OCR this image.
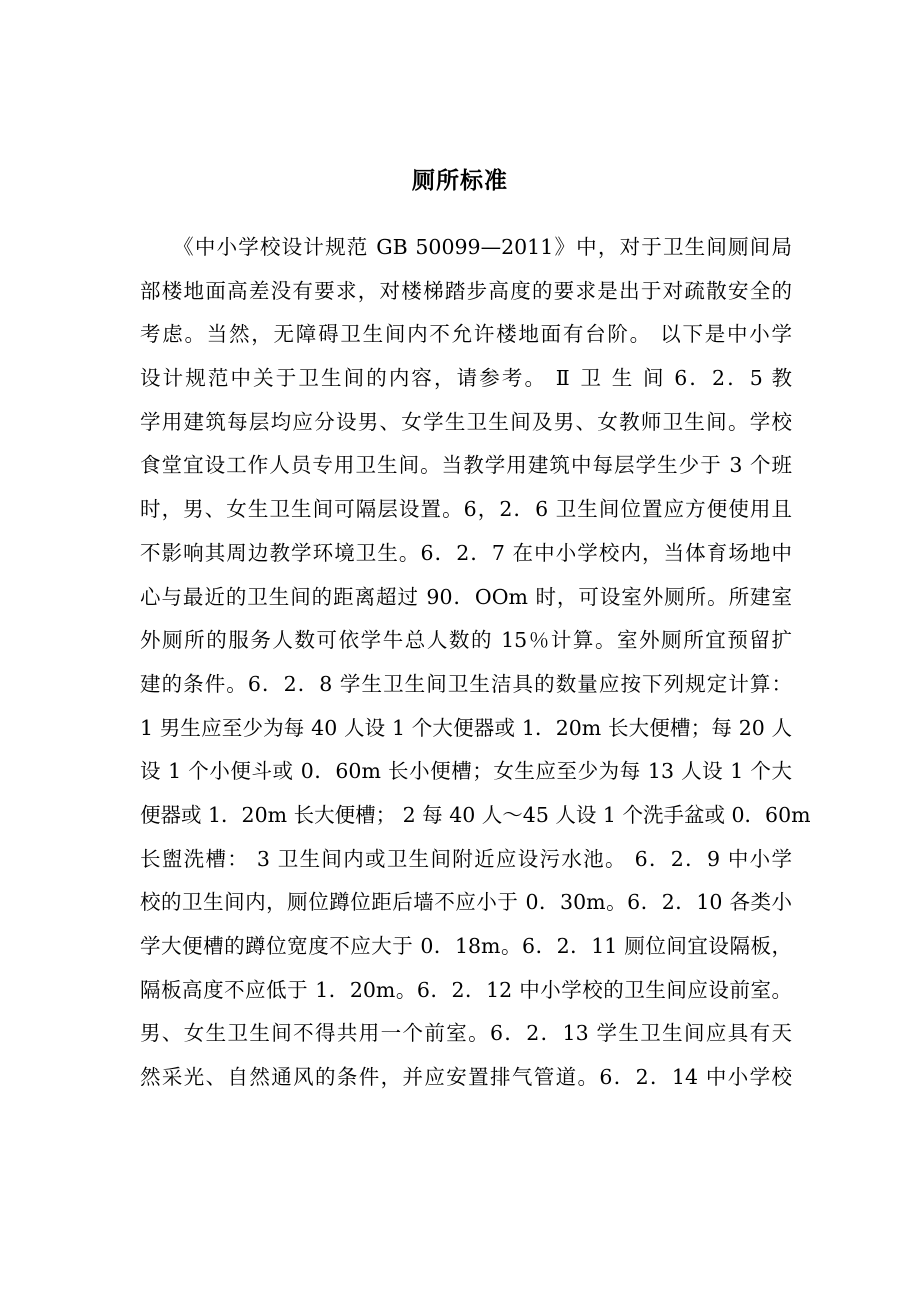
厕所标准
　　《中小学校设计规范 GB 50099—2011》中，对于卫生间厕间局
部楼地面高差没有要求，对楼梯踏步高度的要求是出于对疏散安全的
考虑。当然，无障碍卫生间内不允许楼地面有台阶。 以下是中小学
设计规范中关于卫生间的内容，请参考。 Ⅱ 卫 生 间 6．2．5 教
学用建筑每层均应分设男、女学生卫生间及男、女教师卫生间。学校
食堂宜设工作人员专用卫生间。当教学用建筑中每层学生少于 3 个班
时，男、女生卫生间可隔层设置。6，2．6 卫生间位置应方便使用且
不影响其周边教学环境卫生。6．2．7 在中小学校内，当体育场地中
心与最近的卫生间的距离超过 90．OOm 时，可设室外厕所。所建室
外厕所的服务人数可依学牛总人数的 15％计算。室外厕所宜预留扩
建的条件。6．2．8 学生卫生间卫生洁具的数量应按下列规定计算：
1 男生应至少为每 40 人设 1 个大便器或 1．20m 长大便槽；每 20 人
设 1 个小便斗或 0．60m 长小便槽；女生应至少为每 13 人设 1 个大
便器或 1．20m 长大便槽； 2 每 40 人～45 人设 1 个洗手盆或 0．60m
长盥洗槽： 3 卫生间内或卫生间附近应设污水池。 6．2．9 中小学
校的卫生间内，厕位蹲位距后墙不应小于 0．30m。6．2．10 各类小
学大便槽的蹲位宽度不应大于 0．18m。6．2．11 厕位间宜设隔板，
隔板高度不应低于 1．20m。6．2．12 中小学校的卫生间应设前室。
男、女生卫生间不得共用一个前室。6．2．13 学生卫生间应具有天
然采光、自然通风的条件，并应安置排气管道。6．2．14 中小学校
